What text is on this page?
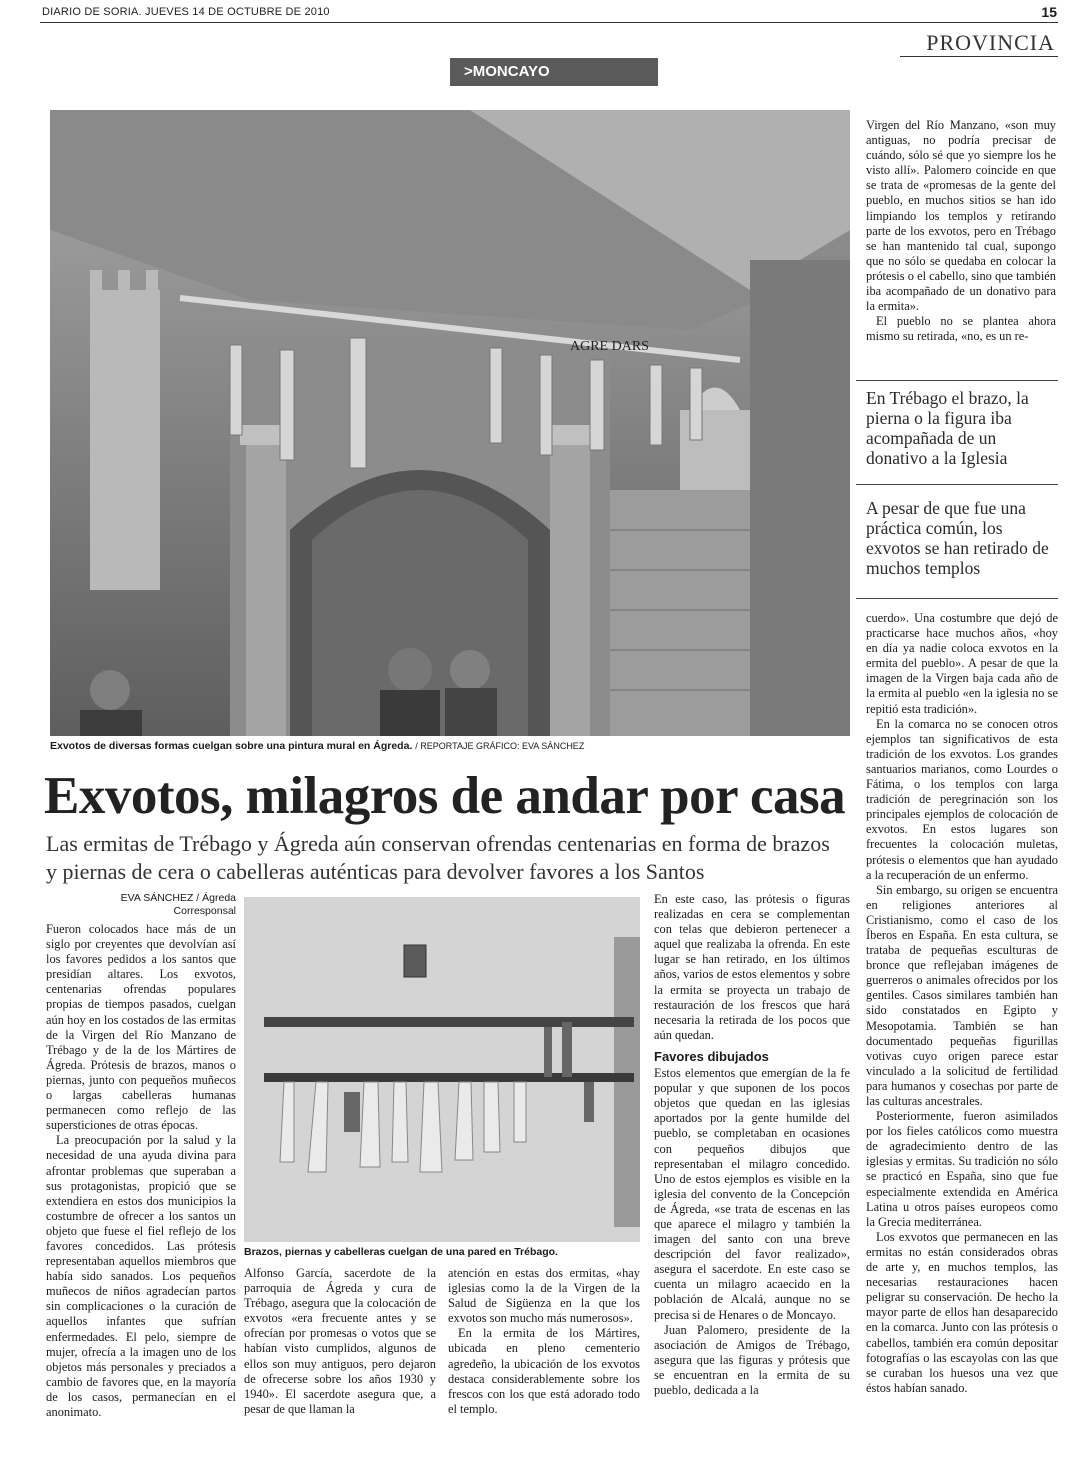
DIARIO DE SORIA. JUEVES 14 DE OCTUBRE DE 2010	15
PROVINCIA
>MONCAYO
AGRE DARS
Exvotos de diversas formas cuelgan sobre una pintura mural en Ágreda. / REPORTAJE GRÁFICO: EVA SÁNCHEZ
Exvotos, milagros de andar por casa
Las ermitas de Trébago y Ágreda aún conservan ofrendas centenarias en forma de brazos y piernas de cera o cabelleras auténticas para devolver favores a los Santos
EVA SÁNCHEZ / Ágreda
Corresponsal

Fueron colocados hace más de un siglo por creyentes que devolvían así los favores pedidos a los santos que presidían altares. Los exvotos, centenarias ofrendas populares propias de tiempos pasados, cuelgan aún hoy en los costados de las ermitas de la Virgen del Río Manzano de Trébago y de la de los Mártires de Ágreda. Prótesis de brazos, manos o piernas, junto con pequeños muñecos o largas cabelleras humanas permanecen como reflejo de las supersticiones de otras épocas.

La preocupación por la salud y la necesidad de una ayuda divina para afrontar problemas que superaban a sus protagonistas, propició que se extendiera en estos dos municipios la costumbre de ofrecer a los santos un objeto que fuese el fiel reflejo de los favores concedidos. Las prótesis representaban aquellos miembros que había sido sanados. Los pequeños muñecos de niños agradecían partos sin complicaciones o la curación de aquellos infantes que sufrían enfermedades. El pelo, siempre de mujer, ofrecía a la imagen uno de los objetos más personales y preciados a cambio de favores que, en la mayoría de los casos, permanecían en el anonimato.

Brazos, piernas y cabelleras cuelgan de una pared en Trébago.

Alfonso García, sacerdote de la parroquia de Ágreda y cura de Trébago, asegura que la colocación de exvotos «era frecuente antes y se ofrecían por promesas o votos que se habían visto cumplidos, algunos de ellos son muy antiguos, pero dejaron de ofrecerse sobre los años 1930 y 1940». El sacerdote asegura que, a pesar de que llaman la

atención en estas dos ermitas, «hay iglesias como la de la Virgen de la Salud de Sigüenza en la que los exvotos son mucho más numerosos».

En la ermita de los Mártires, ubicada en pleno cementerio agredeño, la ubicación de los exvotos destaca considerablemente sobre los frescos con los que está adorado todo el templo.

En este caso, las prótesis o figuras realizadas en cera se complementan con telas que debieron pertenecer a aquel que realizaba la ofrenda. En este lugar se han retirado, en los últimos años, varios de estos elementos y sobre la ermita se proyecta un trabajo de restauración de los frescos que hará necesaria la retirada de los pocos que aún quedan.

Favores dibujados

Estos elementos que emergían de la fe popular y que suponen de los pocos objetos que quedan en las iglesias aportados por la gente humilde del pueblo, se completaban en ocasiones con pequeños dibujos que representaban el milagro concedido. Uno de estos ejemplos es visible en la iglesia del convento de la Concepción de Ágreda, «se trata de escenas en las que aparece el milagro y también la imagen del santo con una breve descripción del favor realizado», asegura el sacerdote. En este caso se cuenta un milagro acaecido en la población de Alcalá, aunque no se precisa si de Henares o de Moncayo.

Juan Palomero, presidente de la asociación de Amigos de Trébago, asegura que las figuras y prótesis que se encuentran en la ermita de su pueblo, dedicada a la

Virgen del Río Manzano, «son muy antiguas, no podría precisar de cuándo, sólo sé que yo siempre los he visto allí». Palomero coincide en que se trata de «promesas de la gente del pueblo, en muchos sitios se han ido limpiando los templos y retirando parte de los exvotos, pero en Trébago se han mantenido tal cual, supongo que no sólo se quedaba en colocar la prótesis o el cabello, sino que también iba acompañado de un donativo para la ermita».

El pueblo no se plantea ahora mismo su retirada, «no, es un re-

En Trébago el brazo, la pierna o la figura iba acompañada de un donativo a la Iglesia
A pesar de que fue una práctica común, los exvotos se han retirado de muchos templos

cuerdo». Una costumbre que dejó de practicarse hace muchos años, «hoy en día ya nadie coloca exvotos en la ermita del pueblo». A pesar de que la imagen de la Virgen baja cada año de la ermita al pueblo «en la iglesia no se repitió esta tradición».

En la comarca no se conocen otros ejemplos tan significativos de esta tradición de los exvotos. Los grandes santuarios marianos, como Lourdes o Fátima, o los templos con larga tradición de peregrinación son los principales ejemplos de colocación de exvotos. En estos lugares son frecuentes la colocación muletas, prótesis o elementos que han ayudado a la recuperación de un enfermo.

Sin embargo, su origen se encuentra en religiones anteriores al Cristianismo, como el caso de los Íberos en España. En esta cultura, se trataba de pequeñas esculturas de bronce que reflejaban imágenes de guerreros o animales ofrecidos por los gentiles. Casos similares también han sido constatados en Egipto y Mesopotamia. También se han documentado pequeñas figurillas votivas cuyo origen parece estar vinculado a la solicitud de fertilidad para humanos y cosechas por parte de las culturas ancestrales.

Posteriormente, fueron asimilados por los fieles católicos como muestra de agradecimiento dentro de las iglesias y ermitas. Su tradición no sólo se practicó en España, sino que fue especialmente extendida en América Latina u otros países europeos como la Grecia mediterránea.

Los exvotos que permanecen en las ermitas no están considerados obras de arte y, en muchos templos, las necesarias restauraciones hacen peligrar su conservación. De hecho la mayor parte de ellos han desaparecido en la comarca. Junto con las prótesis o cabellos, también era común depositar fotografías o las escayolas con las que se curaban los huesos una vez que éstos habían sanado.
